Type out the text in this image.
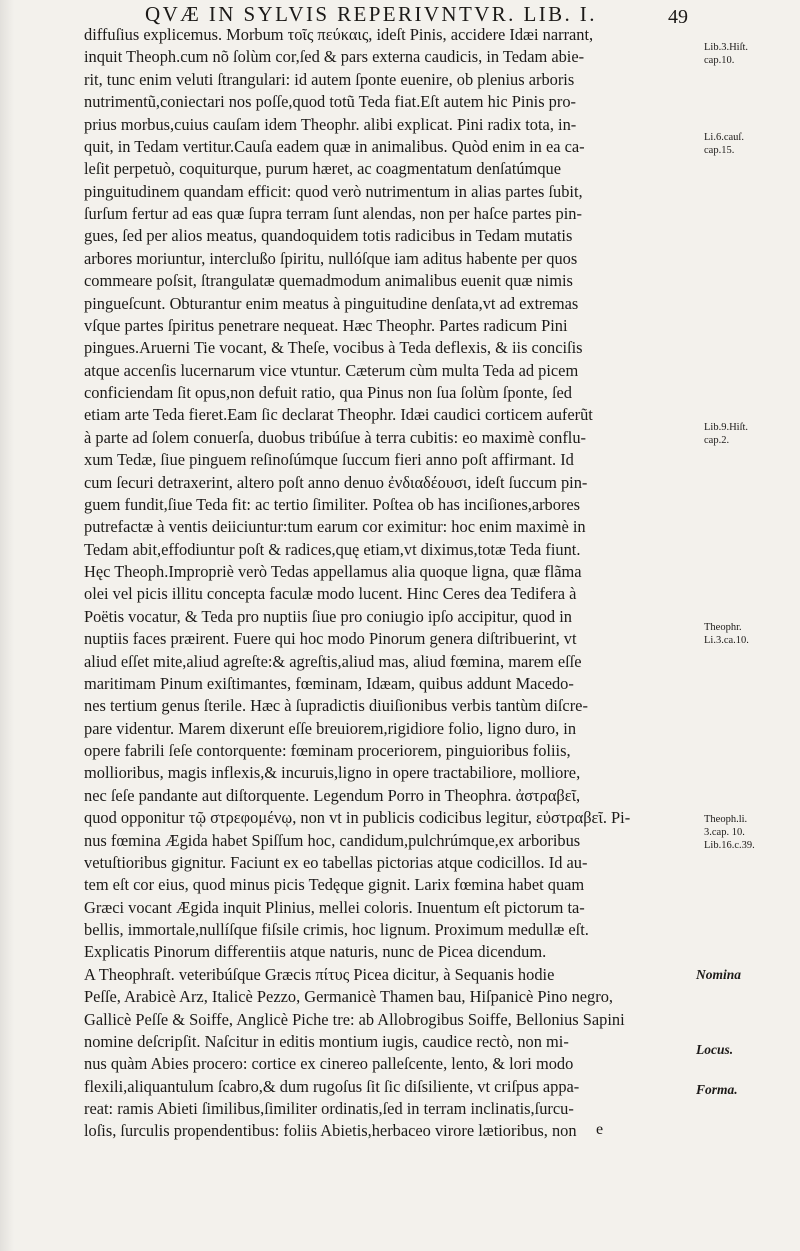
QVÆ IN SYLVIS REPERIVNTVR. LIB. I.	49
diffuſius explicemus. Morbum τοῖς πεύκαις, ideſt Pinis, accidere Idæi narrant,
inquit Theoph.cum nõ ſolùm cor,ſed & pars externa caudicis, in Tedam abie-
rit, tunc enim veluti ſtrangulari: id autem ſponte euenire, ob plenius arboris
nutrimentũ,coniectari nos poſſe,quod totũ Teda fiat.Eſt autem hic Pinis pro-
prius morbus,cuius cauſam idem Theophr. alibi explicat. Pini radix tota, in-
quit, in Tedam vertitur.Cauſa eadem quæ in animalibus. Quòd enim in ea ca-
leſit perpetuò, coquiturque, purum hæret, ac coagmentatum denſatúmque
pinguitudinem quandam efficit: quod verò nutrimentum in alias partes ſubit,
ſurſum fertur ad eas quæ ſupra terram ſunt alendas, non per haſce partes pin-
gues, ſed per alios meatus, quandoquidem totis radicibus in Tedam mutatis
arbores moriuntur, interclußo ſpiritu, nullóſque iam aditus habente per quos
commeare poſsit, ſtrangulatæ quemadmodum animalibus euenit quæ nimis
pingueſcunt. Obturantur enim meatus à pinguitudine denſata,vt ad extremas
vſque partes ſpiritus penetrare nequeat. Hæc Theophr. Partes radicum Pini
pingues.Aruerni Tie vocant, & Theſe, vocibus à Teda deflexis, & iis conciſis
atque accenſis lucernarum vice vtuntur. Cæterum cùm multa Teda ad picem
conficiendam ſit opus,non defuit ratio, qua Pinus non ſua ſolùm ſponte, ſed
etiam arte Teda fieret.Eam ſic declarat Theophr. Idæi caudici corticem auferũt
à parte ad ſolem conuerſa, duobus tribúſue à terra cubitis: eo maximè conflu-
xum Tedæ, ſiue pinguem reſinoſúmque ſuccum fieri anno poſt affirmant. Id
cum ſecuri detraxerint, altero poſt anno denuo ἐνδιαδέουσι, ideſt ſuccum pin-
guem fundit,ſiue Teda fit: ac tertio ſimiliter. Poſtea ob has inciſiones,arbores
putrefactæ à ventis deiiciuntur:tum earum cor eximitur: hoc enim maximè in
Tedam abit,effodiuntur poſt & radices,quę etiam,vt diximus,totæ Teda fiunt.
Hęc Theoph.Impropriè verò Tedas appellamus alia quoque ligna, quæ flãma
olei vel picis illitu concepta faculæ modo lucent. Hinc Ceres dea Tedifera à
Poëtis vocatur, & Teda pro nuptiis ſiue pro coniugio ipſo accipitur, quod in
nuptiis faces præirent. Fuere qui hoc modo Pinorum genera diſtribuerint, vt
aliud eſſet mite,aliud agreſte:& agreſtis,aliud mas, aliud fœmina, marem eſſe
maritimam Pinum exiſtimantes, fœminam, Idæam, quibus addunt Macedo-
nes tertium genus ſterile. Hæc à ſupradictis diuiſionibus verbis tantùm diſcre-
pare videntur. Marem dixerunt eſſe breuiorem,rigidiore folio, ligno duro, in
opere fabrili ſeſe contorquente: fœminam proceriorem, pinguioribus foliis,
mollioribus, magis inflexis,& incuruis,ligno in opere tractabiliore, molliore,
nec ſeſe pandante aut diſtorquente. Legendum Porro in Theophra. ἀστραβεῖ,
quod opponitur τῷ στρεφομένῳ, non vt in publicis codicibus legitur, εὐστραβεῖ. Pi-
nus fœmina Ægida habet Spiſſum hoc, candidum,pulchrúmque,ex arboribus
vetuſtioribus gignitur. Faciunt ex eo tabellas pictorias atque codicillos. Id au-
tem eſt cor eius, quod minus picis Tedęque gignit. Larix fœmina habet quam
Græci vocant Ægida inquit Plinius, mellei coloris. Inuentum eſt pictorum ta-
bellis, immortale,nullíſque fiſsile crimis, hoc lignum. Proximum medullæ eſt.
Explicatis Pinorum differentiis atque naturis, nunc de Picea dicendum.
A Theophraſt. veteribúſque Græcis πίτυς Picea dicitur, à Sequanis hodie
Peſſe, Arabicè Arz, Italicè Pezzo, Germanicè Thamen bau, Hiſpanicè Pino negro,
Gallicè Peſſe & Soiffe, Anglicè Piche tre: ab Allobrogibus Soiffe, Bellonius Sapini
nomine deſcripſit. Naſcitur in editis montium iugis, caudice rectò, non mi-
nus quàm Abies procero: cortice ex cinereo palleſcente, lento, & lori modo
flexili,aliquantulum ſcabro,& dum rugoſus ſit ſic diſsiliente, vt criſpus appa-
reat: ramis Abieti ſimilibus,ſimiliter ordinatis,ſed in terram inclinatis,ſurcu-
loſis, ſurculis propendentibus: foliis Abietis,herbaceo virore lætioribus, non
Lib.3.Hiſt.
cap.10.
Li.6.cauſ.
cap.15.
Lib.9.Hiſt.
cap.2.
Theophr.
Li.3.ca.10.
Theoph.li.
3.cap. 10.
Lib.16.c.39.
Nomina
Locus.
Forma.
e
